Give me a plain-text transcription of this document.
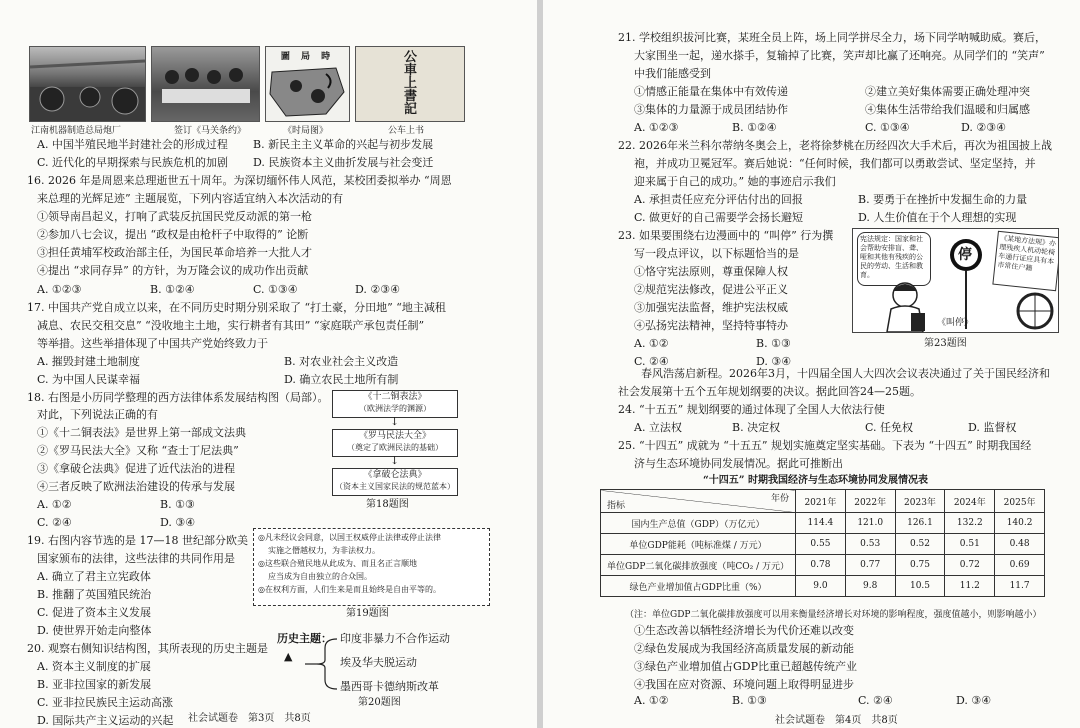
圖 局 時	公車上書記
江南机器制造总局炮厂	签订《马关条约》	《时局图》	公车上书
A. 中国半殖民地半封建社会的形成过程 B. 新民主主义革命的兴起与初步发展
C. 近代化的早期探索与民族危机的加剧 D. 民族资本主义曲折发展与社会变迁
16. 2026 年是周恩来总理逝世五十周年。为深切缅怀伟人风范，某校团委拟举办 “周恩
来总理的光辉足迹” 主题展览，下列内容适宜纳入本次活动的有
①领导南昌起义，打响了武装反抗国民党反动派的第一枪
②参加八七会议，提出 “政权是由枪杆子中取得的” 论断
③担任黄埔军校政治部主任，为国民革命培养一大批人才
④提出 “求同存异” 的方针，为万隆会议的成功作出贡献
A. ①②③	B. ①②④	C. ①③④	D. ②③④
17. 中国共产党自成立以来，在不同历史时期分别采取了 “打土豪，分田地” “地主减租
减息、农民交租交息” “没收地主土地，实行耕者有其田” “家庭联产承包责任制”
等举措。这些举措体现了中国共产党始终致力于
A. 摧毁封建土地制度	B. 对农业社会主义改造
C. 为中国人民谋幸福	D. 确立农民土地所有制
18. 右图是小历同学整理的西方法律体系发展结构图（局部）。
对此，下列说法正确的有
①《十二铜表法》是世界上第一部成文法典
②《罗马民法大全》又称 “查士丁尼法典”
③《拿破仑法典》促进了近代法治的进程
④三者反映了欧洲法治建设的传承与发展
A. ①②	B. ①③
C. ②④	D. ③④
《十二铜表法》
（欧洲法学的渊源）
↓
《罗马民法大全》
（奠定了欧洲民法的基础）
↓
《拿破仑法典》
（资本主义国家民法的规范蓝本）
第18题图
19. 右图内容节选的是 17—18 世纪部分欧美
国家颁布的法律，这些法律的共同作用是
A. 确立了君主立宪政体
B. 推翻了英国殖民统治
C. 促进了资本主义发展
D. 使世界开始走向整体
◎凡未经议会同意，以国王权威停止法律或停止法律
实施之僭越权力，为非法权力。
◎这些联合殖民地从此成为、而且名正言顺地
应当成为自由独立的合众国。
◎在权利方面，人们生来是而且始终是自由平等的。
第19题图
20. 观察右侧知识结构图，其所表现的历史主题是
A. 资本主义制度的扩展
B. 亚非拉国家的新发展
C. 亚非拉民族民主运动高涨
D. 国际共产主义运动的兴起
历史主题：
▲
印度非暴力不合作运动
埃及华夫脱运动
墨西哥卡德纳斯改革
第20题图
社会试题卷　第3页　共8页
21. 学校组织拔河比赛，某班全员上阵，场上同学拼尽全力，场下同学呐喊助威。赛后，
大家围坐一起，递水搽手，复输掉了比赛，笑声却比赢了还响亮。从同学们的 “笑声”
中我们能感受到
①情感正能量在集体中有效传递	②建立美好集体需要正确处理冲突
③集体的力量源于成员团结协作	④集体生活带给我们温暖和归属感
A. ①②③	B. ①②④	C. ①③④	D. ②③④
22. 2026年米兰科尔蒂纳冬奥会上，老将徐梦桃在历经四次大手术后，再次为祖国披上战
袍，并成功卫冕冠军。赛后她说：“任何时候，我们都可以勇敢尝试、坚定坚持，并
迎来属于自己的成功。” 她的事迹启示我们
A. 承担责任应充分评估付出的回报	B. 要勇于在挫折中发掘生命的力量
C. 做更好的自己需要学会扬长避短	D. 人生价值在于个人理想的实现
23. 如果要围绕右边漫画中的 “叫停” 行为撰
写一段点评议，以下标题恰当的是
①恪守宪法原则，尊重保障人权
②规范宪法修改，促进公平正义
③加强宪法监督，维护宪法权威
④弘扬宪法精神，坚持特事特办
A. ①②	B. ①③
C. ②④	D. ③④
宪法规定：国家和社会帮助安排盲、聋、哑和其他有残疾的公民的劳动、生活和教育。
停
《某地方法规》办理残疾人机动轮椅车通行证应具有本市常住户籍
《叫停》
第23题图
春风浩荡启新程。2026年3月，十四届全国人大四次会议表决通过了关于国民经济和
社会发展第十五个五年规划纲要的决议。据此回答24—25题。
24. “十五五” 规划纲要的通过体现了全国人大依法行使
A. 立法权	B. 决定权	C. 任免权	D. 监督权
25. “十四五” 成就为 “十五五” 规划实施奠定坚实基础。下表为 “十四五” 时期我国经
济与生态环境协同发展情况。据此可推断出
“十四五” 时期我国经济与生态环境协同发展情况表
年份
指标	2021年	2022年	2023年	2024年	2025年
国内生产总值（GDP）（万亿元）	114.4	121.0	126.1	132.2	140.2
单位GDP能耗（吨标准煤 / 万元）	0.55	0.53	0.52	0.51	0.48
单位GDP二氧化碳排放强度（吨CO₂ / 万元）	0.78	0.77	0.75	0.72	0.69
绿色产业增加值占GDP比重（%）	9.0	9.8	10.5	11.2	11.7
（注：单位GDP二氧化碳排放强度可以用来衡量经济增长对环境的影响程度，强度值越小，则影响越小）
①生态改善以牺牲经济增长为代价还难以改变
②绿色发展成为我国经济高质量发展的新动能
③绿色产业增加值占GDP比重已超越传统产业
④我国在应对资源、环境问题上取得明显进步
A. ①②	B. ①③	C. ②④	D. ③④
社会试题卷　第4页　共8页
